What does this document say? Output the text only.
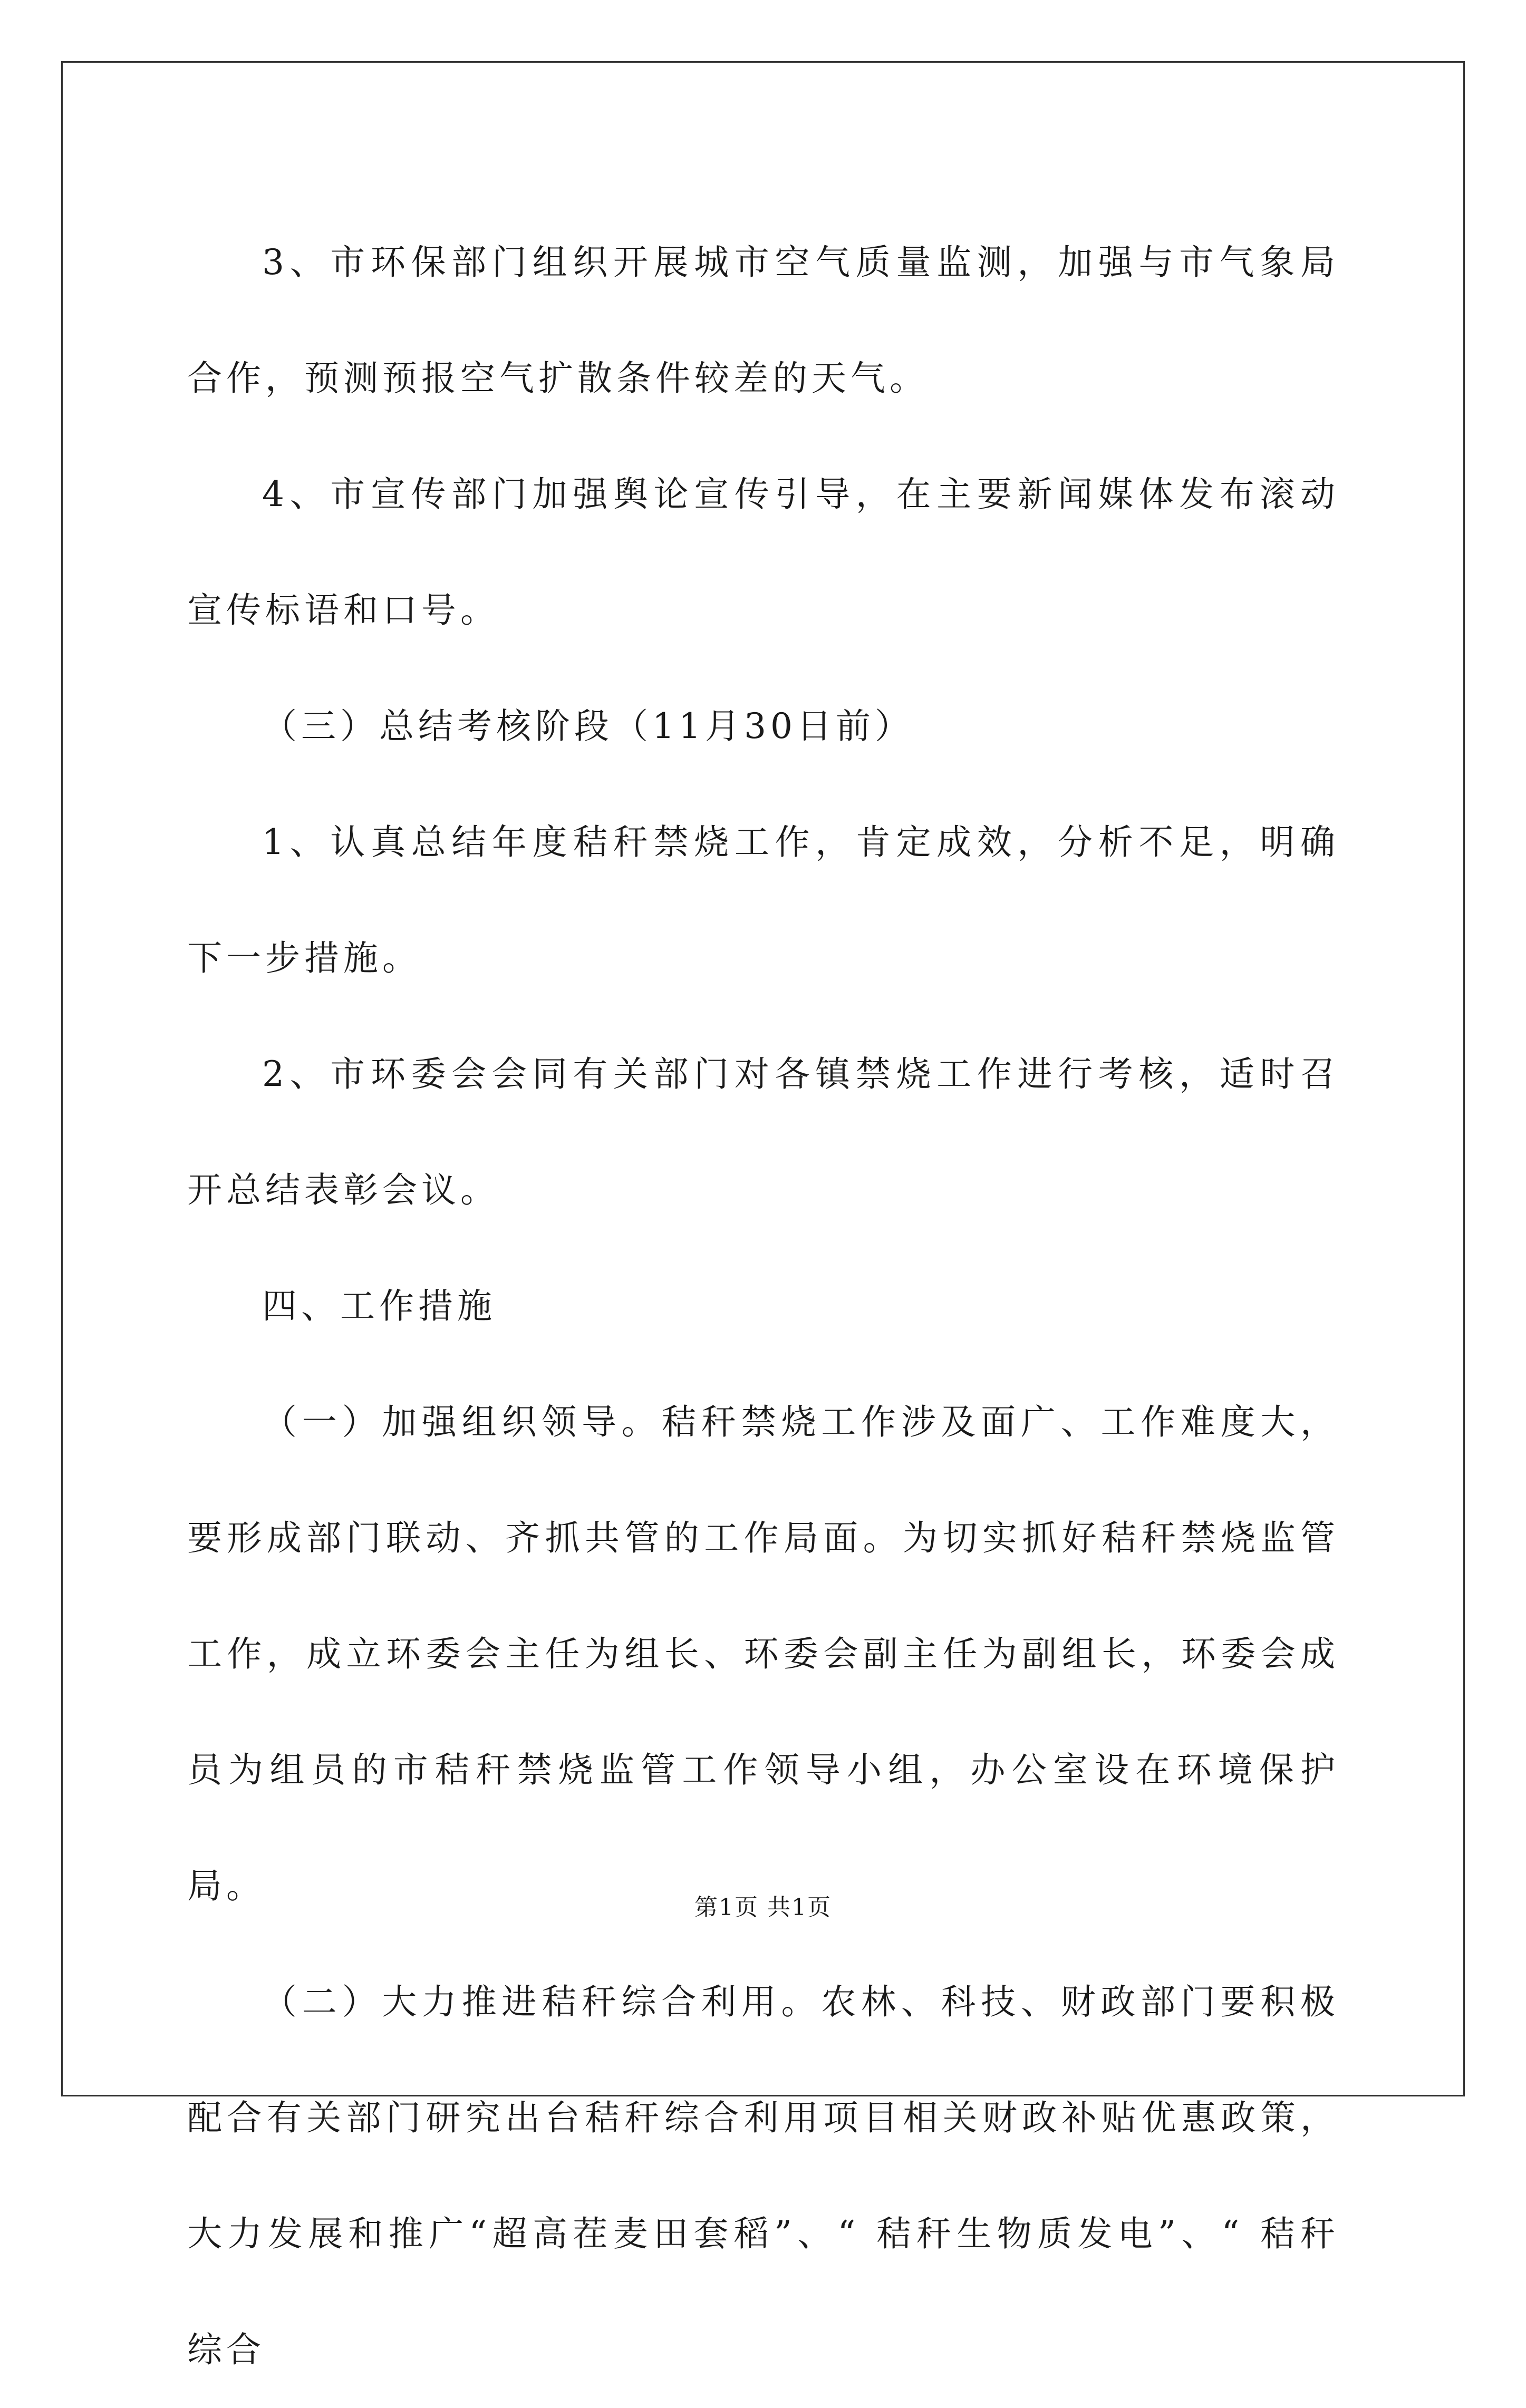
3、市环保部门组织开展城市空气质量监测，加强与市气象局合作，预测预报空气扩散条件较差的天气。

4、市宣传部门加强舆论宣传引导，在主要新闻媒体发布滚动宣传标语和口号。

（三）总结考核阶段（11月30日前）

1、认真总结年度秸秆禁烧工作，肯定成效，分析不足，明确下一步措施。

2、市环委会会同有关部门对各镇禁烧工作进行考核，适时召开总结表彰会议。

四、工作措施

（一）加强组织领导。秸秆禁烧工作涉及面广、工作难度大，要形成部门联动、齐抓共管的工作局面。为切实抓好秸秆禁烧监管工作，成立环委会主任为组长、环委会副主任为副组长，环委会成员为组员的市秸秆禁烧监管工作领导小组，办公室设在环境保护局。

（二）大力推进秸秆综合利用。农林、科技、财政部门要积极配合有关部门研究出台秸秆综合利用项目相关财政补贴优惠政策，大力发展和推广“超高茬麦田套稻”、“ 秸秆生物质发电”、“ 秸秆综合

第1页 共1页
